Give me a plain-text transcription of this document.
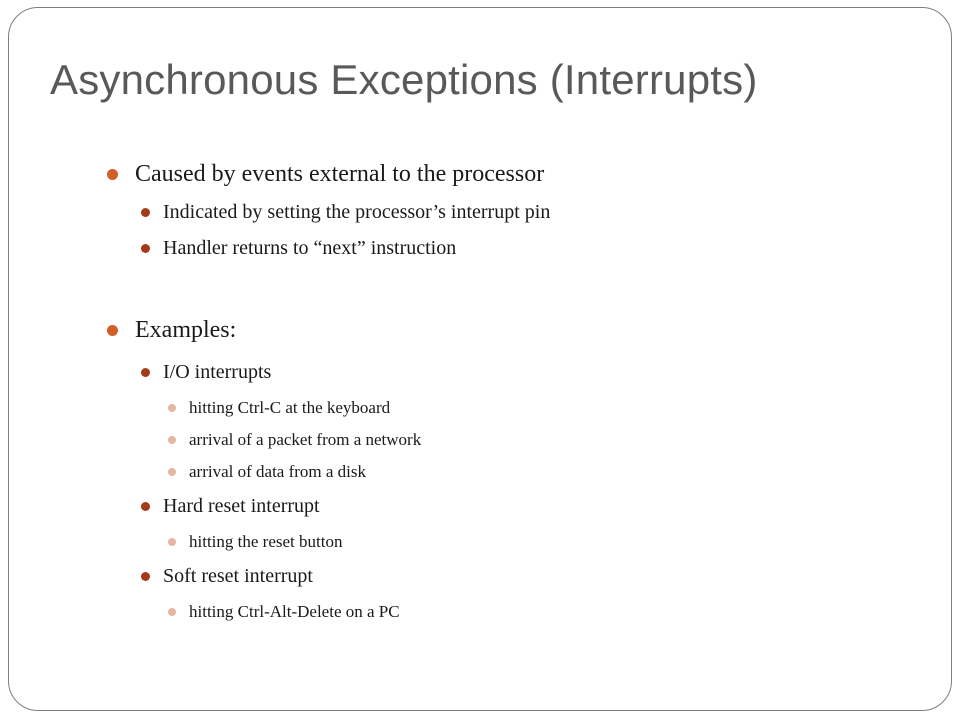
Asynchronous Exceptions (Interrupts)
Caused by events external to the processor
Indicated by setting the processor’s interrupt pin
Handler returns to “next” instruction
Examples:
I/O interrupts
hitting Ctrl-C at the keyboard
arrival of a packet from a network
arrival of data from a disk
Hard reset interrupt
hitting the reset button
Soft reset interrupt
hitting Ctrl-Alt-Delete on a PC
